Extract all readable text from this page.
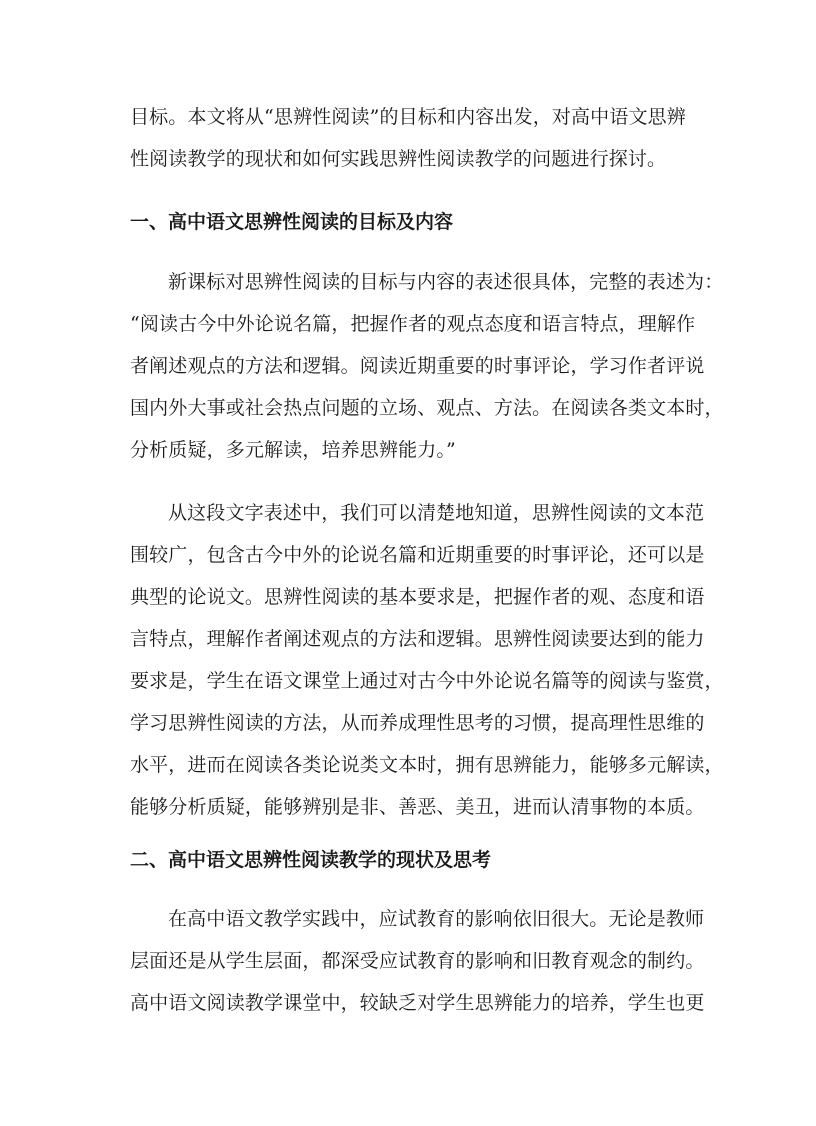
目标。本文将从“思辨性阅读”的目标和内容出发，对高中语文思辨
性阅读教学的现状和如何实践思辨性阅读教学的问题进行探讨。
一、高中语文思辨性阅读的目标及内容
新课标对思辨性阅读的目标与内容的表述很具体，完整的表述为：
“阅读古今中外论说名篇，把握作者的观点态度和语言特点，理解作
者阐述观点的方法和逻辑。阅读近期重要的时事评论，学习作者评说
国内外大事或社会热点问题的立场、观点、方法。在阅读各类文本时，
分析质疑，多元解读，培养思辨能力。”
从这段文字表述中，我们可以清楚地知道，思辨性阅读的文本范
围较广，包含古今中外的论说名篇和近期重要的时事评论，还可以是
典型的论说文。思辨性阅读的基本要求是，把握作者的观、态度和语
言特点，理解作者阐述观点的方法和逻辑。思辨性阅读要达到的能力
要求是，学生在语文课堂上通过对古今中外论说名篇等的阅读与鉴赏，
学习思辨性阅读的方法，从而养成理性思考的习惯，提高理性思维的
水平，进而在阅读各类论说类文本时，拥有思辨能力，能够多元解读，
能够分析质疑，能够辨别是非、善恶、美丑，进而认清事物的本质。
二、高中语文思辨性阅读教学的现状及思考
在高中语文教学实践中，应试教育的影响依旧很大。无论是教师
层面还是从学生层面，都深受应试教育的影响和旧教育观念的制约。
高中语文阅读教学课堂中，较缺乏对学生思辨能力的培养，学生也更
